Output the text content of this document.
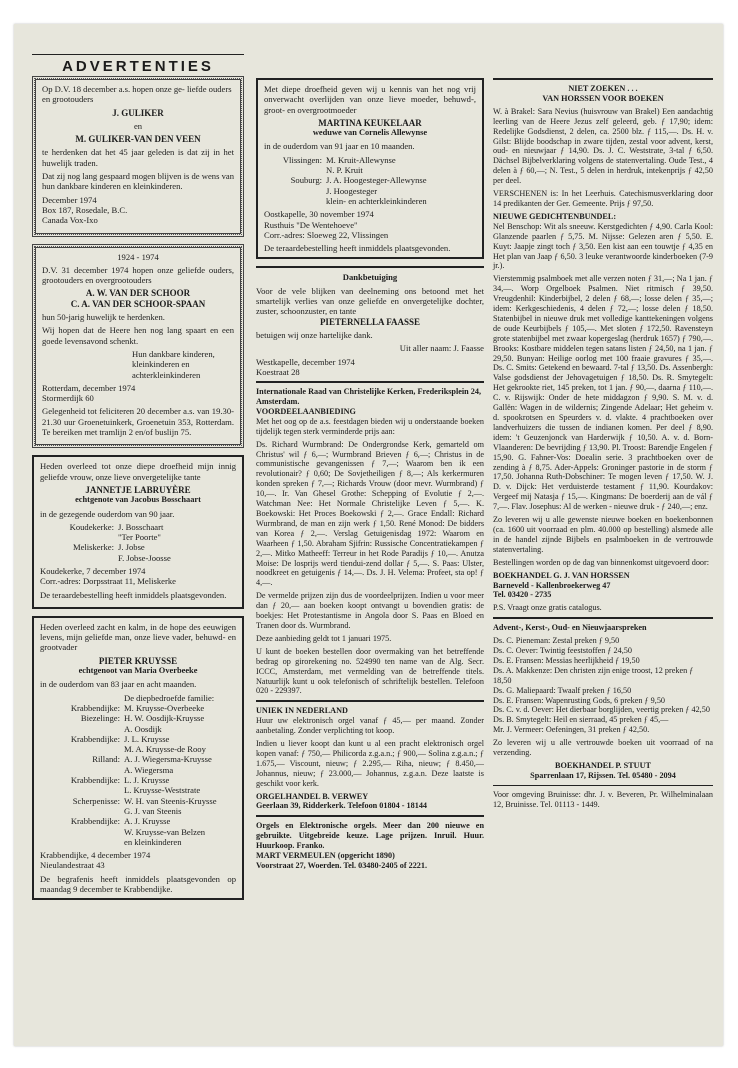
ADVERTENTIES

Op D.V. 18 december a.s. hopen onze ge- liefde ouders en grootouders

J. GULIKER

en

M. GULIKER-VAN DEN VEEN

te herdenken dat het 45 jaar geleden is dat zij in het huwelijk traden.

Dat zij nog lang gespaard mogen blijven is de wens van hun dankbare kinderen en kleinkinderen.

December 1974

Box 187, Rosedale, B.C.

Canada Vox-Ixo

1924 - 1974

D.V. 31 december 1974 hopen onze geliefde ouders, grootouders en overgrootouders

A. W. VAN DER SCHOOR

C. A. VAN DER SCHOOR-SPAAN

hun 50-jarig huwelijk te herdenken.

Wij hopen dat de Heere hen nog lang spaart en een goede levensavond schenkt.

Hun dankbare kinderen,

kleinkinderen en

achterkleinkinderen

Rotterdam, december 1974

Stormerdijk 60

Gelegenheid tot feliciteren 20 december a.s. van 19.30-21.30 uur Groenetuinkerk, Groenetuin 353, Rotterdam. Te bereiken met tramlijn 2 en/of buslijn 75.

Heden overleed tot onze diepe droefheid mijn innig geliefde vrouw, onze lieve onvergetelijke tante

JANNETJE LABRUYÈRE

echtgenote van Jacobus Bosschaart

in de gezegende ouderdom van 90 jaar.

Koudekerke: J. Bosschaart
"Ter Poorte"
Meliskerke: J. Jobse
F. Jobse-Joosse

Koudekerke, 7 december 1974

Corr.-adres: Dorpsstraat 11, Meliskerke

De teraardebestelling heeft inmiddels plaatsgevonden.

Heden overleed zacht en kalm, in de hope des eeuwigen levens, mijn geliefde man, onze lieve vader, behuwd- en grootvader

PIETER KRUYSSE

echtgenoot van Maria Overbeeke

in de ouderdom van 83 jaar en acht maanden.

De diepbedroefde familie:

Krabbendijke: M. Kruysse-Overbeeke
Biezelinge: H. W. Oosdijk-Kruysse
A. Oosdijk
Krabbendijke: J. L. Kruysse
M. A. Kruysse-de Rooy
Rilland: A. J. Wiegersma-Kruysse
A. Wiegersma
Krabbendijke: L. J. Kruysse
L. Kruysse-Weststrate
Scherpenisse: W. H. van Steenis-Kruysse
G. J. van Steenis
Krabbendijke: A. J. Kruysse
W. Kruysse-van Belzen
en kleinkinderen

Krabbendijke, 4 december 1974

Nieulandestraat 43

De begrafenis heeft inmiddels plaatsgevonden op maandag 9 december te Krabbendijke.

Met diepe droefheid geven wij u kennis van het nog vrij onverwacht overlijden van onze lieve moeder, behuwd-, groot- en overgrootmoeder

MARTINA KEUKELAAR

weduwe van Cornelis Allewynse

in de ouderdom van 91 jaar en 10 maanden.

Vlissingen: M. Kruit-Allewynse
N. P. Kruit
Souburg: J. A. Hoogesteger-Allewynse
J. Hoogesteger
klein- en achterkleinkinderen

Oostkapelle, 30 november 1974

Rusthuis "De Wentehoeve"

Corr.-adres: Sloeweg 22, Vlissingen

De teraardebestelling heeft inmiddels plaatsgevonden.

Dankbetuiging

Voor de vele blijken van deelneming ons betoond met het smartelijk verlies van onze geliefde en onvergetelijke dochter, zuster, schoonzuster, en tante

PIETERNELLA FAASSE

betuigen wij onze hartelijke dank.

Uit aller naam: J. Faasse

Westkapelle, december 1974

Koestraat 28

Internationale Raad van Christelijke Kerken, Frederiksplein 24, Amsterdam.

VOORDEELAANBIEDING

Met het oog op de a.s. feestdagen bieden wij u onderstaande boeken tijdelijk tegen sterk verminderde prijs aan:

Ds. Richard Wurmbrand: De Ondergrondse Kerk, gemarteld om Christus' wil ƒ 6,—; Wurmbrand Brieven ƒ 6,—; Christus in de communistische gevangenissen ƒ 7,—; Waarom ben ik een revolutionair? ƒ 0,60; De Sovjetheiligen ƒ 8,—; Als kerkermuren konden spreken ƒ 7,—; Richards Vrouw (door mevr. Wurmbrand) ƒ 10,—. Ir. Van Ghesel Grothe: Schepping of Evolutie ƒ 2,—. Watchman Nee: Het Normale Christelijke Leven ƒ 5,—. K. Boekowski: Het Proces Boekowski ƒ 2,—. Grace Endall: Richard Wurmbrand, de man en zijn werk ƒ 1,50. René Monod: De bidders van Korea ƒ 2,—. Verslag Getuigenisdag 1972: Waarom en Waarheen ƒ 1,50. Abraham Sjifrin: Russische Concentratiekampen ƒ 2,—. Mitko Matheeff: Terreur in het Rode Paradijs ƒ 10,—. Anutza Moise: De losprijs werd tiendui-zend dollar ƒ 5,—. S. Paas: Ulster, noodkreet en getuigenis ƒ 14,—. Ds. J. H. Velema: Profeet, sta op! ƒ 4,—.

De vermelde prijzen zijn dus de voordeelprijzen. Indien u voor meer dan ƒ 20,— aan boeken koopt ontvangt u bovendien gratis: de boekjes: Het Protestantisme in Angola door S. Paas en Bloed en Tranen door ds. Wurmbrand.

Deze aanbieding geldt tot 1 januari 1975.

U kunt de boeken bestellen door overmaking van het betreffende bedrag op girorekening no. 524990 ten name van de Alg. Secr. ICCC, Amsterdam, met vermelding van de betreffende titels. Natuurlijk kunt u ook telefonisch of schriftelijk bestellen. Telefoon 020 - 229397.

UNIEK IN NEDERLAND

Huur uw elektronisch orgel vanaf ƒ 45,— per maand. Zonder aanbetaling. Zonder verplichting tot koop.

Indien u liever koopt dan kunt u al een pracht elektronisch orgel kopen vanaf: ƒ 750,— Philicorda z.g.a.n.; ƒ 900,— Solina z.g.a.n.; ƒ 1.675,— Viscount, nieuw; ƒ 2.295,— Riha, nieuw; ƒ 8.450,— Johannus, nieuw; ƒ 23.000,— Johannus, z.g.a.n. Deze laatste is geschikt voor kerk.

ORGELHANDEL B. VERWEY

Geerlaan 39, Ridderkerk. Telefoon 01804 - 18144

Orgels en Elektronische orgels. Meer dan 200 nieuwe en gebruikte. Uitgebreide keuze. Lage prijzen. Inruil. Huur. Huurkoop. Franko.

MART VERMEULEN (opgericht 1890)

Voorstraat 27, Woerden. Tel. 03480-2405 of 2221.

NIET ZOEKEN . . .

VAN HORSSEN VOOR BOEKEN

W. à Brakel: Sara Nevius (huisvrouw van Brakel) Een aandachtig leerling van de Heere Jezus zelf geleerd, geb. ƒ 17,90; idem: Redelijke Godsdienst, 2 delen, ca. 2500 blz. ƒ 115,—. Ds. H. v. Gilst: Blijde boodschap in zware tijden, zestal voor advent, kerst, oud- en nieuwjaar ƒ 14,90. Ds. J. C. Weststrate, 3-tal ƒ 6,50. Dächsel Bijbelverklaring volgens de statenvertaling. Oude Test., 4 delen à ƒ 60,—; N. Test., 5 delen in herdruk, intekenprijs ƒ 42,50 per deel.

VERSCHENEN is: In het Leerhuis. Catechismusverklaring door 14 predikanten der Ger. Gemeente. Prijs ƒ 97,50.

NIEUWE GEDICHTENBUNDEL:

Nel Benschop: Wit als sneeuw. Kerstgedichten ƒ 4,90. Carla Kool: Glanzende paarlen ƒ 5,75. M. Nijsse: Gelezen aren ƒ 5,50. E. Kuyt: Jaapje zingt toch ƒ 3,50. Een kist aan een touwtje ƒ 4,35 en Het plan van Jaap ƒ 6,50. 3 leuke verantwoorde kinderboeken (7-9 jr.).

Vierstemmig psalmboek met alle verzen noten ƒ 31,—; Na 1 jan. ƒ 34,—. Worp Orgelboek Psalmen. Niet ritmisch ƒ 39,50. Vreugdenhil: Kinderbijbel, 2 delen ƒ 68,—; losse delen ƒ 35,—; idem: Kerkgeschiedenis, 4 delen ƒ 72,—; losse delen ƒ 18,50. Statenbijbel in nieuwe druk met volledige kanttekeningen volgens de oude Keurbijbels ƒ 105,—. Met sloten ƒ 172,50. Ravensteyn grote statenbijbel met zwaar kopergeslag (herdruk 1657) ƒ 790,—. Brooks: Kostbare middelen tegen satans listen ƒ 24,50, na 1 jan. ƒ 29,50. Bunyan: Heilige oorlog met 100 fraaie gravures ƒ 35,—. Ds. C. Smits: Getekend en bewaard. 7-tal ƒ 13,50. Ds. Assenbergh: Valse godsdienst der Jehovagetuigen ƒ 18,50. Ds. R. Smytegelt: Het gekrookte riet, 145 preken, tot 1 jan. ƒ 90,—, daarna ƒ 110,—. C. v. Rijswijk: Onder de hete middagzon ƒ 9,90. S. M. v. d. Gallën: Wagen in de wildernis; Zingende Adelaar; Het geheim v. d. spookrotsen en Speurders v. d. vlakte. 4 prachtboeken over landverhuizers die tussen de indianen komen. Per deel ƒ 8,90. idem: 't Geuzenjonck van Harderwijk ƒ 10,50. A. v. d. Born-Vlaanderen: De bevrijding ƒ 13,90. Pl. Troost: Barendje Engelen ƒ 15,90. G. Fahner-Vos: Doealin serie. 3 prachtboeken over de zending à ƒ 8,75. Ader-Appels: Groninger pastorie in de storm ƒ 17,50. Johanna Ruth-Dobschiner: Te mogen leven ƒ 17,50. W. J. D. v. Dijck: Het verduisterde testament ƒ 11,90. Kourdakov: Vergeef mij Natasja ƒ 15,—. Kingmans: De boerderij aan de vál ƒ 7,—. Flav. Josephus: Al de werken - nieuwe druk - ƒ 240,—; enz.

Zo leveren wij u alle gewenste nieuwe boeken en boekenbonnen (ca. 1600 uit voorraad en plm. 40.000 op bestelling) alsmede alle in de handel zijnde Bijbels en psalmboeken in de vertrouwde statenvertaling.

Bestellingen worden op de dag van binnenkomst uitgevoerd door:

BOEKHANDEL G. J. VAN HORSSEN

Barneveld - Kallenbroekerweg 47

Tel. 03420 - 2735

P.S. Vraagt onze gratis catalogus.

Advent-, Kerst-, Oud- en Nieuwjaarspreken

Ds. C. Pieneman: Zestal preken ƒ 9,50

Ds. C. Oever: Twintig feeststoffen ƒ 24,50

Ds. E. Fransen: Messias heerlijkheid ƒ 19,50

Ds. A. Makkenze: Den christen zijn enige troost, 12 preken ƒ 18,50

Ds. G. Maliepaard: Twaalf preken ƒ 16,50

Ds. E. Fransen: Wapenrusting Gods, 6 preken ƒ 9,50

Ds. C. v. d. Oever: Het dierbaar borglijden, veertig preken ƒ 42,50

Ds. B. Smytegelt: Heil en sierraad, 45 preken ƒ 45,—

Mr. J. Vermeer: Oefeningen, 31 preken ƒ 42,50.

Zo leveren wij u alle vertrouwde boeken uit voorraad of na verzending.

BOEKHANDEL P. STUUT

Sparrenlaan 17, Rijssen. Tel. 05480 - 2094

Voor omgeving Bruinisse: dhr. J. v. Beveren, Pr. Wilhelminalaan 12, Bruinisse. Tel. 01113 - 1449.
